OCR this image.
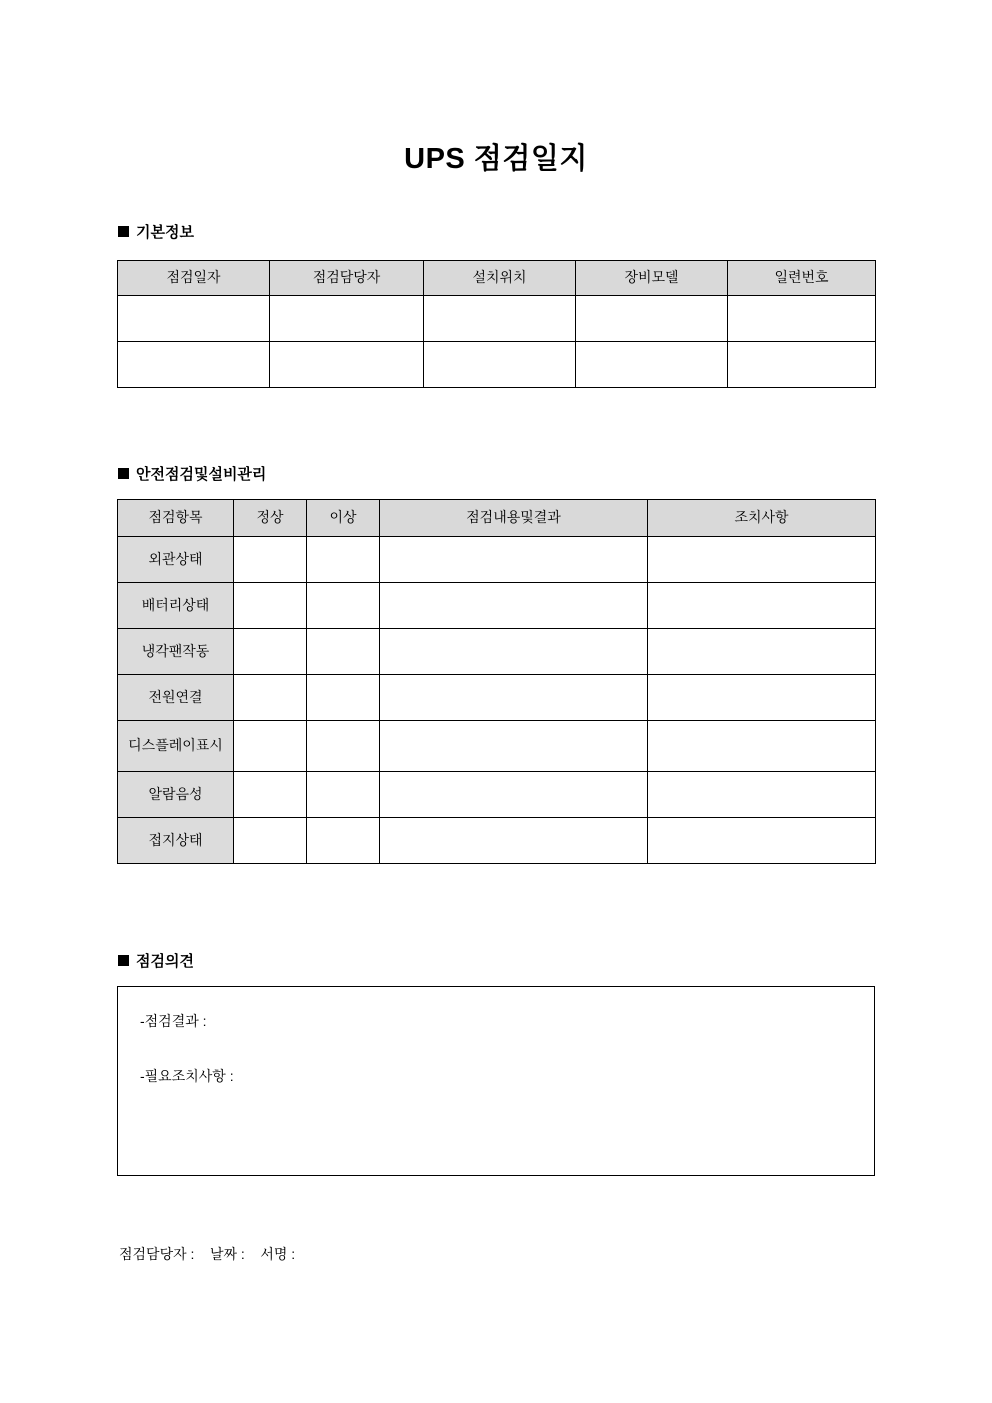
UPS 점검일지
기본정보
점검일자	점검담당자	설치위치	장비모델	일련번호

안전점검및설비관리
점검항목	정상	이상	점검내용및결과	조치사항
외관상태				
배터리상태				
냉각팬작동				
전원연결				
디스플레이표시				
알람음성				
접지상태				
점검의견
-점검결과 :
-필요조치사항 :
점검담당자 :    날짜 :    서명 :
